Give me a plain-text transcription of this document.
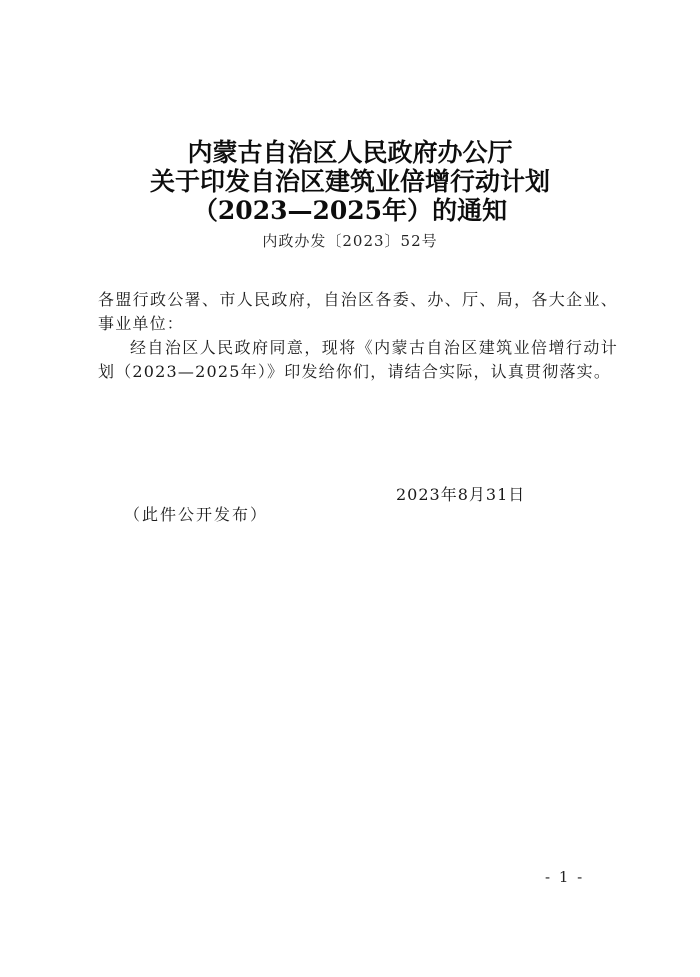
内蒙古自治区人民政府办公厅
关于印发自治区建筑业倍增行动计划
（2023—2025年）的通知
内政办发〔2023〕52号

各盟行政公署、市人民政府，自治区各委、办、厅、局，各大企业、事业单位：

经自治区人民政府同意，现将《内蒙古自治区建筑业倍增行动计划（2023—2025年）》印发给你们，请结合实际，认真贯彻落实。

2023年8月31日
（此件公开发布）
- 1 -
